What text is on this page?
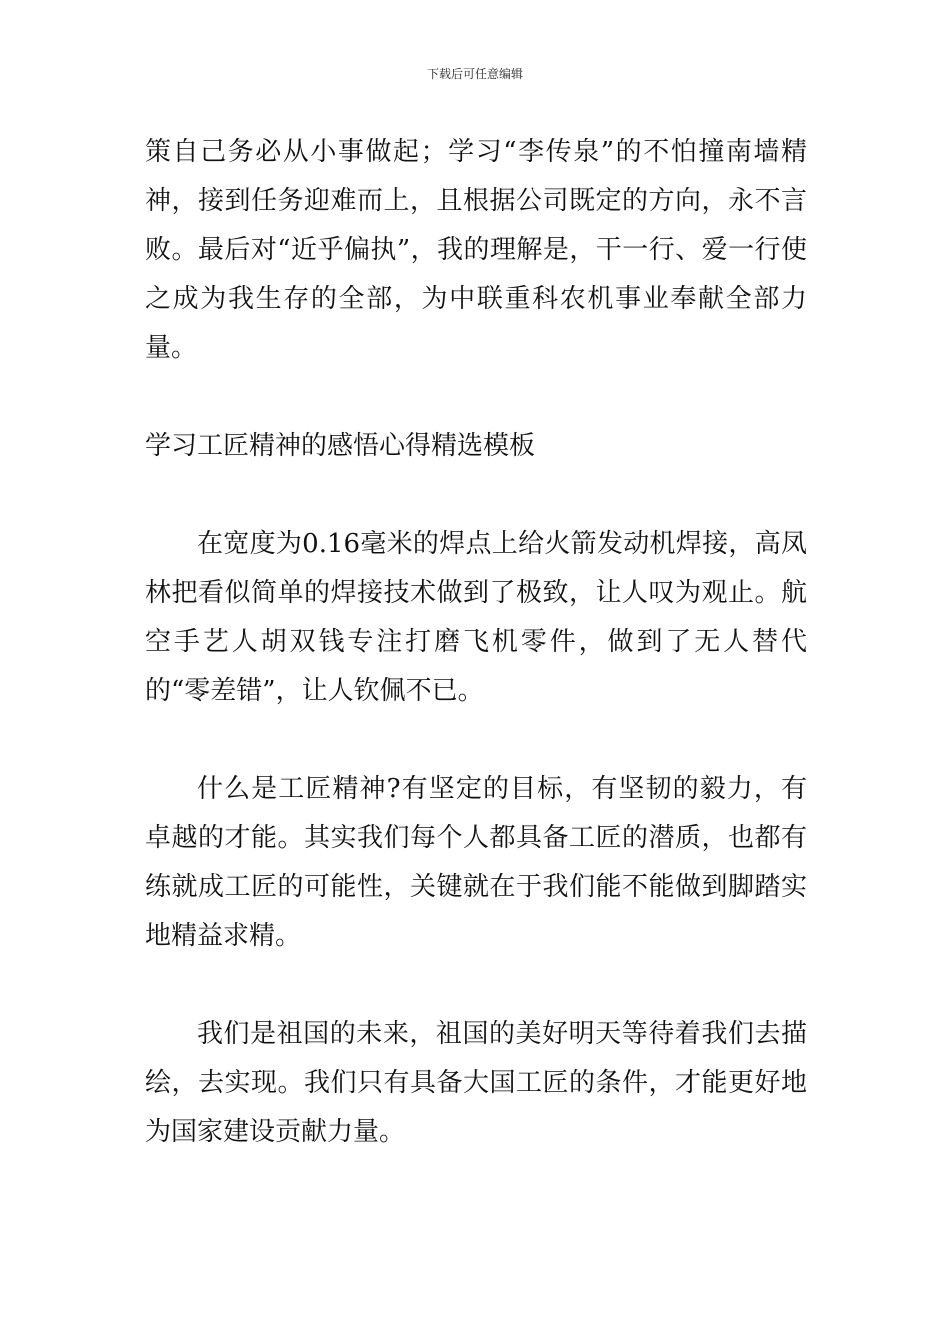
下载后可任意编辑

策自己务必从小事做起；学习“李传泉”的不怕撞南墙精神，接到任务迎难而上，且根据公司既定的方向，永不言败。最后对“近乎偏执”，我的理解是，干一行、爱一行使之成为我生存的全部，为中联重科农机事业奉献全部力量。

学习工匠精神的感悟心得精选模板

在宽度为0.16毫米的焊点上给火箭发动机焊接，高凤林把看似简单的焊接技术做到了极致，让人叹为观止。航空手艺人胡双钱专注打磨飞机零件，做到了无人替代的“零差错”，让人钦佩不已。

什么是工匠精神?有坚定的目标，有坚韧的毅力，有卓越的才能。其实我们每个人都具备工匠的潜质，也都有练就成工匠的可能性，关键就在于我们能不能做到脚踏实地精益求精。

我们是祖国的未来，祖国的美好明天等待着我们去描绘，去实现。我们只有具备大国工匠的条件，才能更好地为国家建设贡献力量。
